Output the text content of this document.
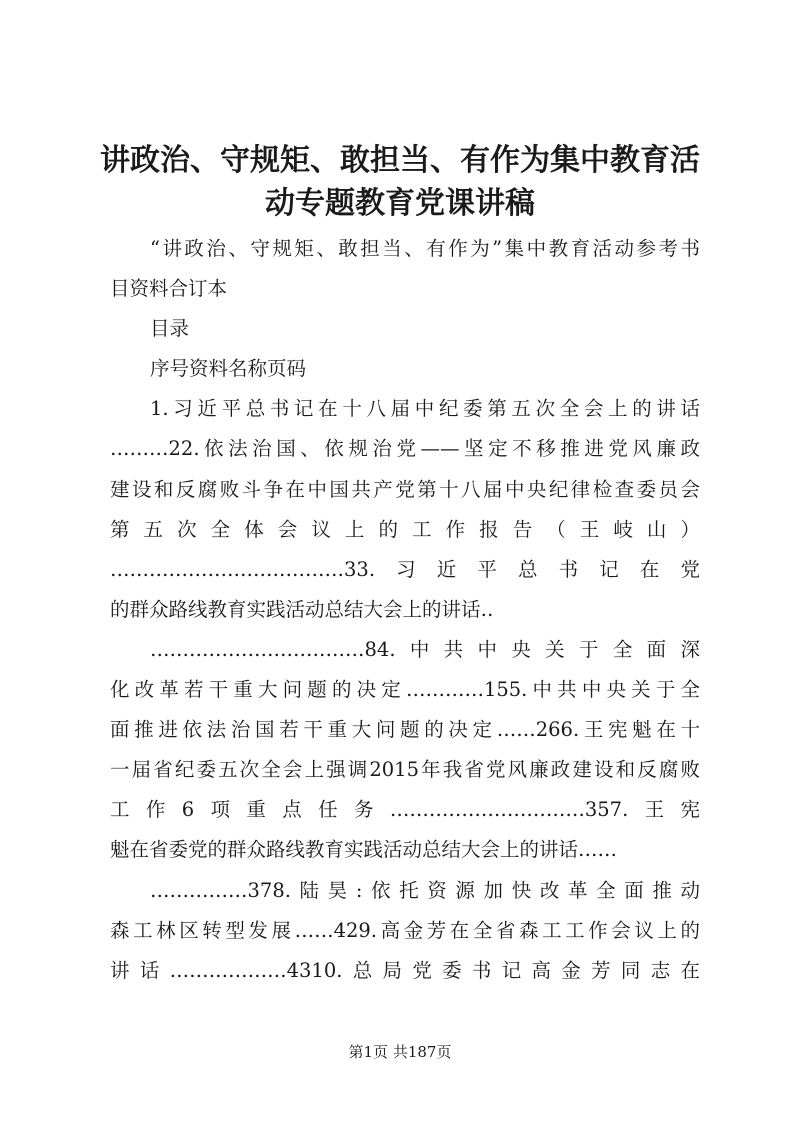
讲政治、守规矩、敢担当、有作为集中教育活
动专题教育党课讲稿
“讲政治、守规矩、敢担当、有作为”集中教育活动参考书
目资料合订本
目录
序号资料名称页码
1.习近平总书记在十八届中纪委第五次全会上的讲话
………22.依法治国、依规治党——坚定不移推进党风廉政
建设和反腐败斗争在中国共产党第十八届中央纪律检查委员会
第五次全体会议上的工作报告（王岐山）
………………………………33.习近平总书记在党
的群众路线教育实践活动总结大会上的讲话‥
……………………………84.中共中央关于全面深
化改革若干重大问题的决定…………155.中共中央关于全
面推进依法治国若干重大问题的决定……266.王宪魁在十
一届省纪委五次全会上强调2015年我省党风廉政建设和反腐败
工作6项重点任务…………………………357.王宪
魁在省委党的群众路线教育实践活动总结大会上的讲话……
……………378.陆昊:依托资源加快改革全面推动
森工林区转型发展……429.高金芳在全省森工工作会议上的
讲话………………4310.总局党委书记高金芳同志在
第1页 共187页
